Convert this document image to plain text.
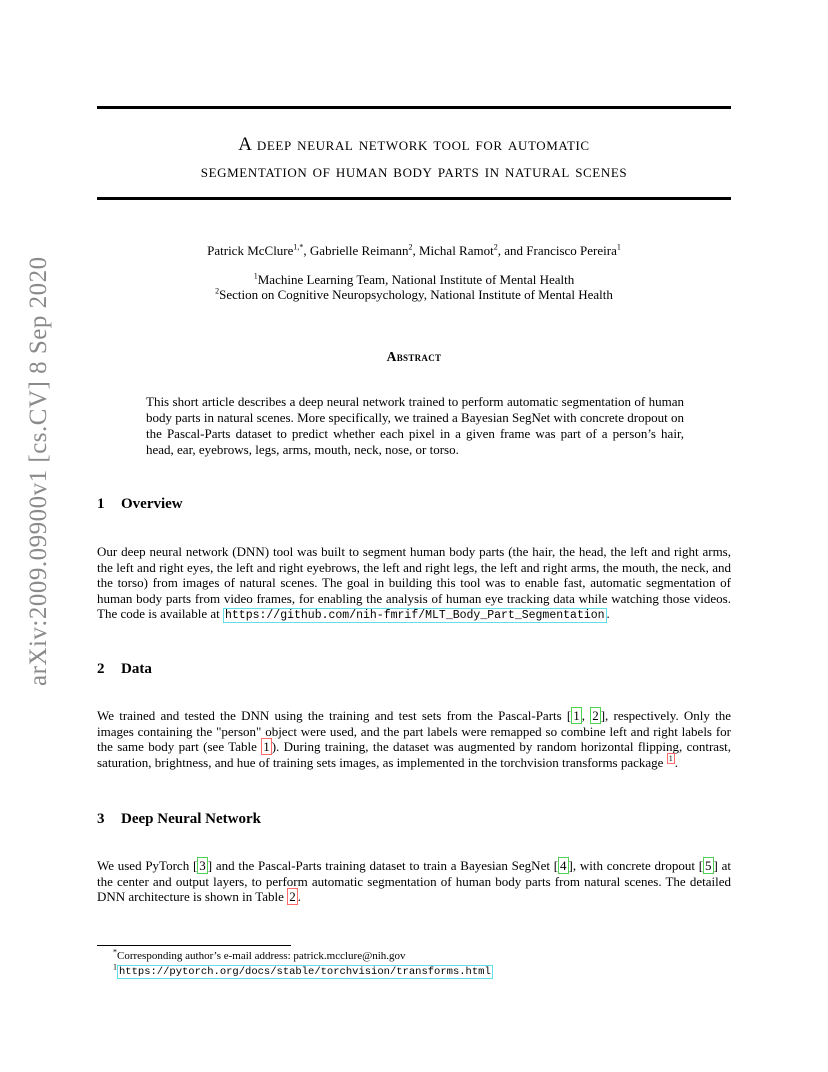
arXiv:2009.09900v1 [cs.CV] 8 Sep 2020
A deep neural network tool for automatic
segmentation of human body parts in natural scenes
Patrick McClure$^{1,*}$, Gabrielle Reimann$^2$, Michal Ramot$^2$, and Francisco Pereira$^1$
$^1$Machine Learning Team, National Institute of Mental Health
$^2$Section on Cognitive Neuropsychology, National Institute of Mental Health
Abstract
This short article describes a deep neural network trained to perform automatic segmentation of human body parts in natural scenes. More specifically, we trained a Bayesian SegNet with concrete dropout on the Pascal-Parts dataset to predict whether each pixel in a given frame was part of a person’s hair, head, ear, eyebrows, legs, arms, mouth, neck, nose, or torso.
1 Overview
Our deep neural network (DNN) tool was built to segment human body parts (the hair, the head, the left and right arms, the left and right eyes, the left and right eyebrows, the left and right legs, the left and right arms, the mouth, the neck, and the torso) from images of natural scenes. The goal in building this tool was to enable fast, automatic segmentation of human body parts from video frames, for enabling the analysis of human eye tracking data while watching those videos. The code is available at https://github.com/nih-fmrif/MLT_Body_Part_Segmentation .
2 Data
We trained and tested the DNN using the training and test sets from the Pascal-Parts [ 1 , 2 ], respectively. Only the images containing the "person" object were used, and the part labels were remapped so combine left and right labels for the same body part (see Table 1 ). During training, the dataset was augmented by random horizontal flipping, contrast, saturation, brightness, and hue of training sets images, as implemented in the torchvision transforms package $^1$ .
3 Deep Neural Network
We used PyTorch [ 3 ] and the Pascal-Parts training dataset to train a Bayesian SegNet [ 4 ], with concrete dropout [ 5 ] at the center and output layers, to perform automatic segmentation of human body parts from natural scenes. The detailed DNN architecture is shown in Table 2 .
*Corresponding author’s e-mail address: patrick.mcclure@nih.gov
$^1$ https://pytorch.org/docs/stable/torchvision/transforms.html
